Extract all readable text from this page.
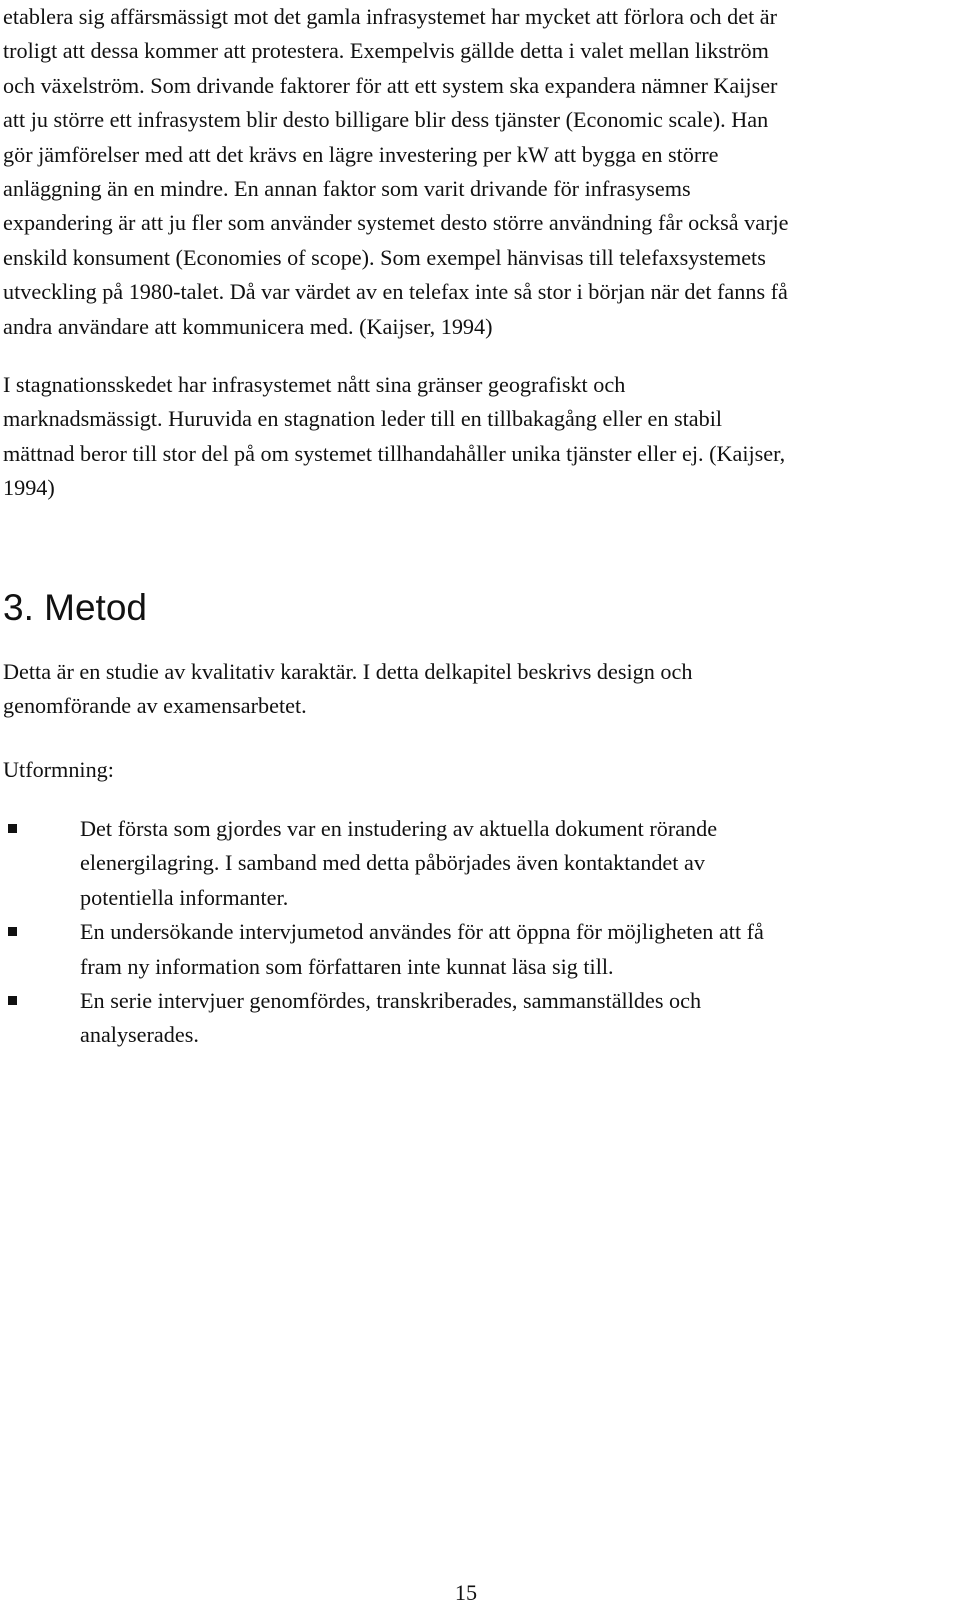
etablera sig affärsmässigt mot det gamla infrasystemet har mycket att förlora och det är
troligt att dessa kommer att protestera. Exempelvis gällde detta i valet mellan likström
och växelström. Som drivande faktorer för att ett system ska expandera nämner Kaijser
att ju större ett infrasystem blir desto billigare blir dess tjänster (Economic scale). Han
gör jämförelser med att det krävs en lägre investering per kW att bygga en större
anläggning än en mindre. En annan faktor som varit drivande för infrasysems
expandering är att ju fler som använder systemet desto större användning får också varje
enskild konsument (Economies of scope). Som exempel hänvisas till telefaxsystemets
utveckling på 1980-talet. Då var värdet av en telefax inte så stor i början när det fanns få
andra användare att kommunicera med. (Kaijser, 1994)

I stagnationsskedet har infrasystemet nått sina gränser geografiskt och
marknadsmässigt. Huruvida en stagnation leder till en tillbakagång eller en stabil
mättnad beror till stor del på om systemet tillhandahåller unika tjänster eller ej. (Kaijser,
1994)

3. Metod

Detta är en studie av kvalitativ karaktär. I detta delkapitel beskrivs design och
genomförande av examensarbetet.

Utformning:

Det första som gjordes var en instudering av aktuella dokument rörande
elenergilagring. I samband med detta påbörjades även kontaktandet av
potentiella informanter.
En undersökande intervjumetod användes för att öppna för möjligheten att få
fram ny information som författaren inte kunnat läsa sig till.
En serie intervjuer genomfördes, transkriberades, sammanställdes och
analyserades.
15
